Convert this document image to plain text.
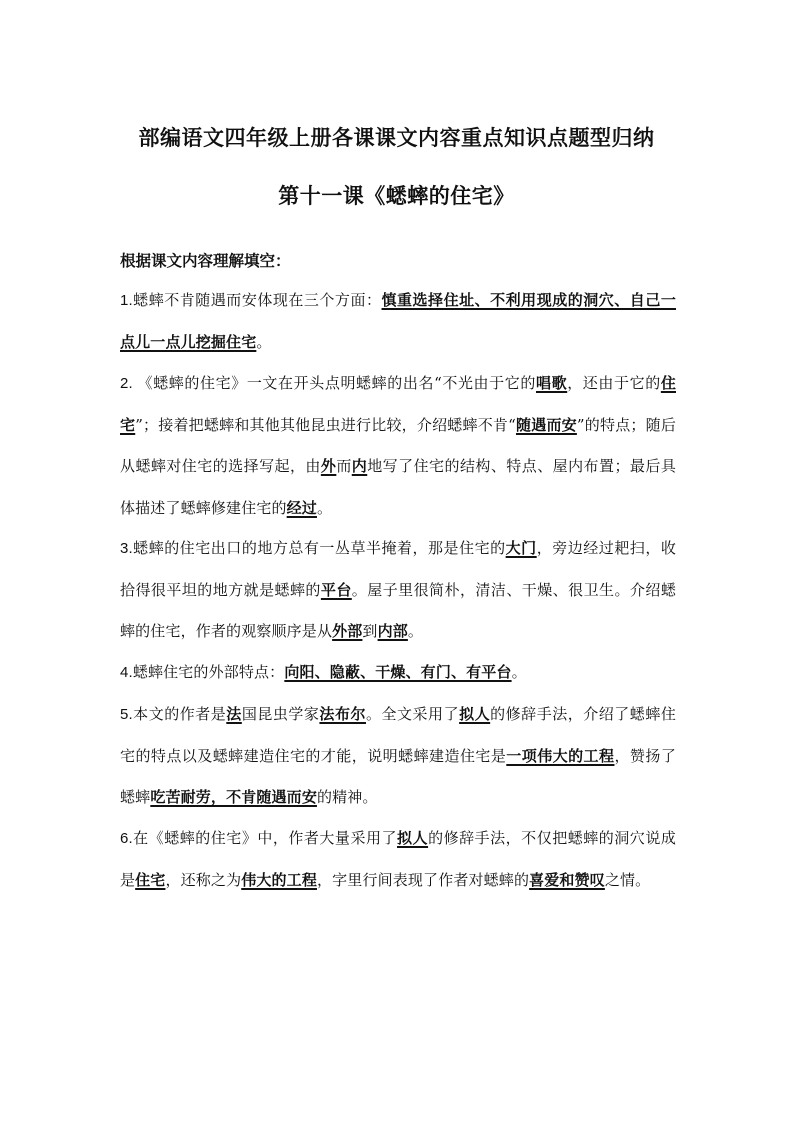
部编语文四年级上册各课课文内容重点知识点题型归纳
第十一课《蟋蟀的住宅》

根据课文内容理解填空：

1.蟋蟀不肯随遇而安体现在三个方面：慎重选择住址、不利用现成的洞穴、自己一点儿一点儿挖掘住宅。

2. 《蟋蟀的住宅》一文在开头点明蟋蟀的出名“不光由于它的唱歌，还由于它的住宅”；接着把蟋蟀和其他其他昆虫进行比较，介绍蟋蟀不肯“随遇而安”的特点；随后从蟋蟀对住宅的选择写起，由外而内地写了住宅的结构、特点、屋内布置；最后具体描述了蟋蟀修建住宅的经过。

3.蟋蟀的住宅出口的地方总有一丛草半掩着，那是住宅的大门，旁边经过耙扫，收拾得很平坦的地方就是蟋蟀的平台。屋子里很简朴，清洁、干燥、很卫生。介绍蟋蟀的住宅，作者的观察顺序是从外部到内部。

4.蟋蟀住宅的外部特点：向阳、隐蔽、干燥、有门、有平台。

5.本文的作者是法国昆虫学家法布尔。全文采用了拟人的修辞手法，介绍了蟋蟀住宅的特点以及蟋蟀建造住宅的才能，说明蟋蟀建造住宅是一项伟大的工程，赞扬了蟋蟀吃苦耐劳，不肯随遇而安的精神。

6.在《蟋蟀的住宅》中，作者大量采用了拟人的修辞手法，不仅把蟋蟀的洞穴说成是住宅，还称之为伟大的工程，字里行间表现了作者对蟋蟀的喜爱和赞叹之情。
